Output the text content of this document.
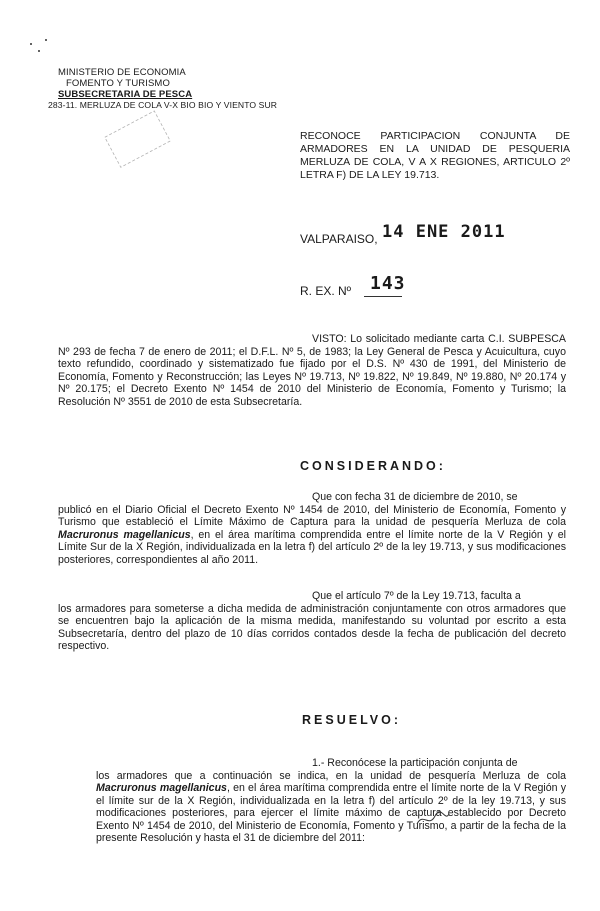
MINISTERIO DE ECONOMIA
FOMENTO Y TURISMO
SUBSECRETARIA DE PESCA
283-11. MERLUZA DE COLA V-X BIO BIO Y VIENTO SUR
RECONOCE PARTICIPACION CONJUNTA DE ARMADORES EN LA UNIDAD DE PESQUERIA MERLUZA DE COLA, V A X REGIONES, ARTICULO 2º LETRA F) DE LA LEY 19.713.
VALPARAISO, 14 ENE 2011
R. EX. Nº 143
VISTO: Lo solicitado mediante carta C.I. SUBPESCA Nº 293 de fecha 7 de enero de 2011; el D.F.L. Nº 5, de 1983; la Ley General de Pesca y Acuicultura, cuyo texto refundido, coordinado y sistematizado fue fijado por el D.S. Nº 430 de 1991, del Ministerio de Economía, Fomento y Reconstrucción; las Leyes Nº 19.713, Nº 19.822, Nº 19.849, Nº 19.880, Nº 20.174 y Nº 20.175; el Decreto Exento Nº 1454 de 2010 del Ministerio de Economía, Fomento y Turismo; la Resolución Nº 3551 de 2010 de esta Subsecretaría.
CONSIDERANDO:
Que con fecha 31 de diciembre de 2010, se
publicó en el Diario Oficial el Decreto Exento Nº 1454 de 2010, del Ministerio de Economía, Fomento y Turismo que estableció el Límite Máximo de Captura para la unidad de pesquería Merluza de cola Macruronus magellanicus, en el área marítima comprendida entre el límite norte de la V Región y el Límite Sur de la X Región, individualizada en la letra f) del artículo 2º de la ley 19.713, y sus modificaciones posteriores, correspondientes al año 2011.
Que el artículo 7º de la Ley 19.713, faculta a
los armadores para someterse a dicha medida de administración conjuntamente con otros armadores que se encuentren bajo la aplicación de la misma medida, manifestando su voluntad por escrito a esta Subsecretaría, dentro del plazo de 10 días corridos contados desde la fecha de publicación del decreto respectivo.
RESUELVO:
1.- Reconócese la participación conjunta de
los armadores que a continuación se indica, en la unidad de pesquería Merluza de cola Macruronus magellanicus, en el área marítima comprendida entre el límite norte de la V Región y el límite sur de la X Región, individualizada en la letra f) del artículo 2º de la ley 19.713, y sus modificaciones posteriores, para ejercer el límite máximo de captura establecido por Decreto Exento Nº 1454 de 2010, del Ministerio de Economía, Fomento y Turismo, a partir de la fecha de la presente Resolución y hasta el 31 de diciembre del 2011:
